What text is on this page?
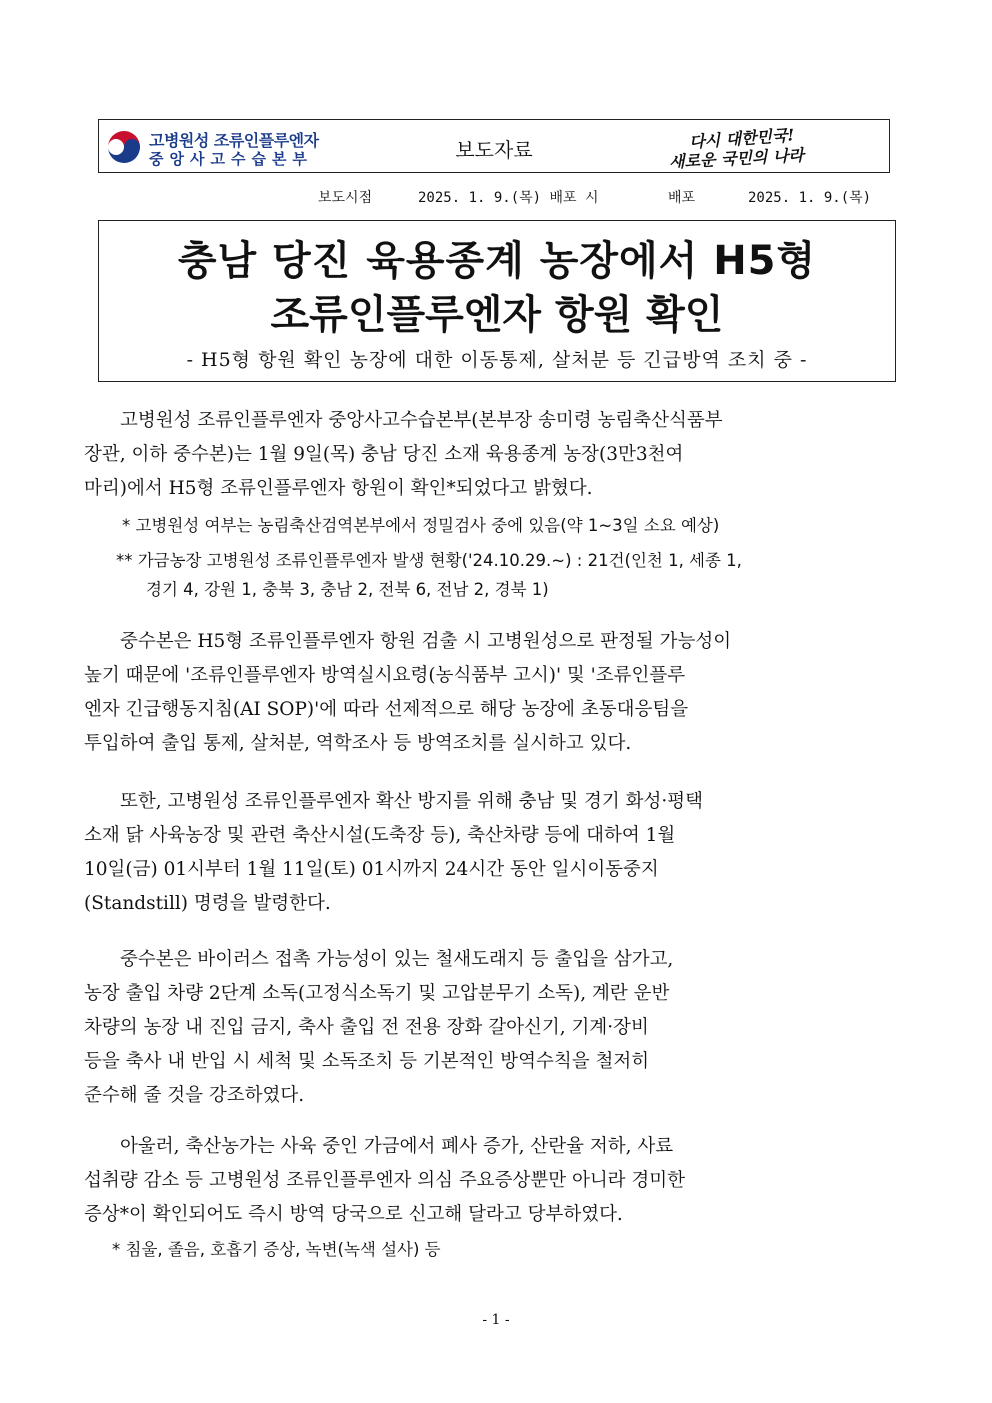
고병원성 조류인플루엔자
중앙사고수습본부	보도자료	다시 대한민국!
새로운 국민의 나라
보도시점	2025. 1. 9.(목) 배포 시	배포	2025. 1. 9.(목)
충남 당진 육용종계 농장에서 H5형
조류인플루엔자 항원 확인
- H5형 항원 확인 농장에 대한 이동통제, 살처분 등 긴급방역 조치 중 -
고병원성 조류인플루엔자 중앙사고수습본부(본부장 송미령 농림축산식품부
장관, 이하 중수본)는 1월 9일(목) 충남 당진 소재 육용종계 농장(3만3천여
마리)에서 H5형 조류인플루엔자 항원이 확인*되었다고 밝혔다.
* 고병원성 여부는 농림축산검역본부에서 정밀검사 중에 있음(약 1~3일 소요 예상)
** 가금농장 고병원성 조류인플루엔자 발생 현황('24.10.29.~) : 21건(인천 1, 세종 1,
경기 4, 강원 1, 충북 3, 충남 2, 전북 6, 전남 2, 경북 1)
중수본은 H5형 조류인플루엔자 항원 검출 시 고병원성으로 판정될 가능성이
높기 때문에 '조류인플루엔자 방역실시요령(농식품부 고시)' 및 '조류인플루
엔자 긴급행동지침(AI SOP)'에 따라 선제적으로 해당 농장에 초동대응팀을
투입하여 출입 통제, 살처분, 역학조사 등 방역조치를 실시하고 있다.
또한, 고병원성 조류인플루엔자 확산 방지를 위해 충남 및 경기 화성·평택
소재 닭 사육농장 및 관련 축산시설(도축장 등), 축산차량 등에 대하여 1월
10일(금) 01시부터 1월 11일(토) 01시까지 24시간 동안 일시이동중지
(Standstill) 명령을 발령한다.
중수본은 바이러스 접촉 가능성이 있는 철새도래지 등 출입을 삼가고,
농장 출입 차량 2단계 소독(고정식소독기 및 고압분무기 소독), 계란 운반
차량의 농장 내 진입 금지, 축사 출입 전 전용 장화 갈아신기, 기계·장비
등을 축사 내 반입 시 세척 및 소독조치 등 기본적인 방역수칙을 철저히
준수해 줄 것을 강조하였다.
아울러, 축산농가는 사육 중인 가금에서 폐사 증가, 산란율 저하, 사료
섭취량 감소 등 고병원성 조류인플루엔자 의심 주요증상뿐만 아니라 경미한
증상*이 확인되어도 즉시 방역 당국으로 신고해 달라고 당부하였다.
* 침울, 졸음, 호흡기 증상, 녹변(녹색 설사) 등
- 1 -
